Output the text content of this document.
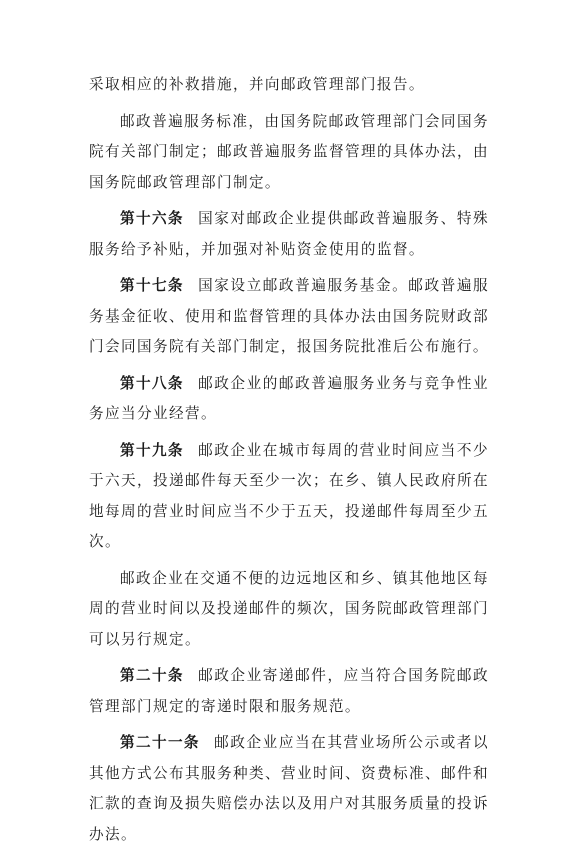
采取相应的补救措施，并向邮政管理部门报告。

邮政普遍服务标准，由国务院邮政管理部门会同国务院有关部门制定；邮政普遍服务监督管理的具体办法，由国务院邮政管理部门制定。

第十六条 国家对邮政企业提供邮政普遍服务、特殊服务给予补贴，并加强对补贴资金使用的监督。

第十七条 国家设立邮政普遍服务基金。邮政普遍服务基金征收、使用和监督管理的具体办法由国务院财政部门会同国务院有关部门制定，报国务院批准后公布施行。

第十八条 邮政企业的邮政普遍服务业务与竞争性业务应当分业经营。

第十九条 邮政企业在城市每周的营业时间应当不少于六天，投递邮件每天至少一次；在乡、镇人民政府所在地每周的营业时间应当不少于五天，投递邮件每周至少五次。

邮政企业在交通不便的边远地区和乡、镇其他地区每周的营业时间以及投递邮件的频次，国务院邮政管理部门可以另行规定。

第二十条 邮政企业寄递邮件，应当符合国务院邮政管理部门规定的寄递时限和服务规范。

第二十一条 邮政企业应当在其营业场所公示或者以其他方式公布其服务种类、营业时间、资费标准、邮件和汇款的查询及损失赔偿办法以及用户对其服务质量的投诉办法。
